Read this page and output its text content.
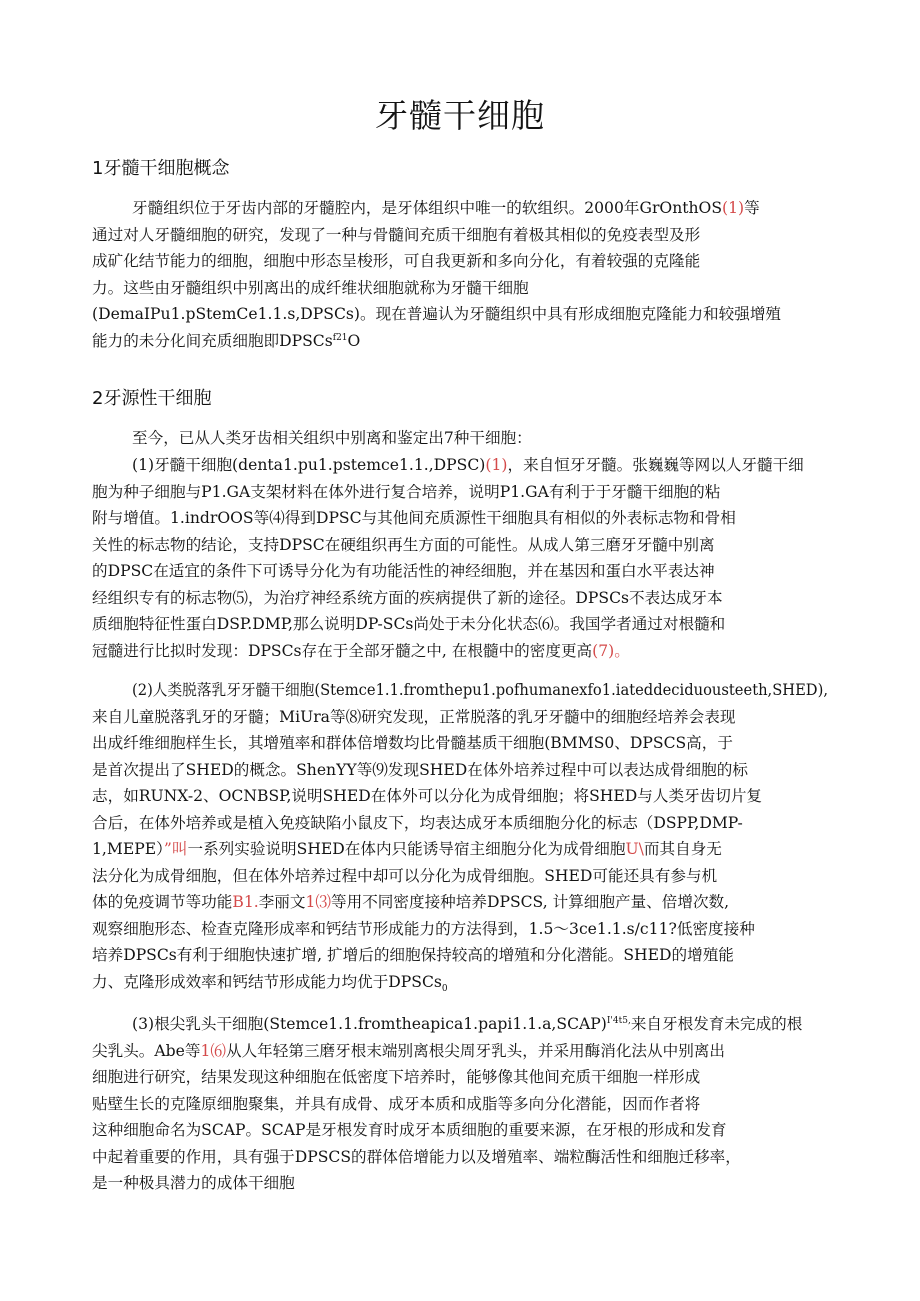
牙髓干细胞
1牙髓干细胞概念
牙髓组织位于牙齿内部的牙髓腔内，是牙体组织中唯一的软组织。2000年GrOnthOS(1)等
通过对人牙髓细胞的研究，发现了一种与骨髓间充质干细胞有着极其相似的免疫表型及形
成矿化结节能力的细胞，细胞中形态呈梭形，可自我更新和多向分化，有着较强的克隆能
力。这些由牙髓组织中别离出的成纤维状细胞就称为牙髓干细胞
(DemaIPu1.pStemCe1.1.s,DPSCs)。现在普遍认为牙髓组织中具有形成细胞克隆能力和较强增殖
能力的未分化间充质细胞即DPSCs$^{f21}$O
2牙源性干细胞
至今，已从人类牙齿相关组织中别离和鉴定出7种干细胞：
(1)牙髓干细胞(denta1.pu1.pstemce1.1.,DPSC)(1)，来自恒牙牙髓。张巍巍等网以人牙髓干细
胞为种子细胞与P1.GA支架材料在体外进行复合培养，说明P1.GA有利于于牙髓干细胞的粘
附与增值。1.indrOOS等⑷得到DPSC与其他间充质源性干细胞具有相似的外表标志物和骨相
关性的标志物的结论，支持DPSC在硬组织再生方面的可能性。从成人第三磨牙牙髓中别离
的DPSC在适宜的条件下可诱导分化为有功能活性的神经细胞，并在基因和蛋白水平表达神
经组织专有的标志物⑸，为治疗神经系统方面的疾病提供了新的途径。DPSCs不表达成牙本
质细胞特征性蛋白DSP.DMP,那么说明DP-SCs尚处于未分化状态⑹。我国学者通过对根髓和
冠髓进行比拟时发现：DPSCs存在于全部牙髓之中, 在根髓中的密度更高(7)。
(2)人类脱落乳牙牙髓干细胞(Stemce1.1.fromthepu1.pofhumanexfo1.iateddeciduousteeth,SHED),
来自儿童脱落乳牙的牙髓；MiUra等⑻研究发现，正常脱落的乳牙牙髓中的细胞经培养会表现
出成纤维细胞样生长，其增殖率和群体倍增数均比骨髓基质干细胞(BMMS0、DPSCS高，于
是首次提出了SHED的概念。ShenYY等⑼发现SHED在体外培养过程中可以表达成骨细胞的标
志，如RUNX-2、OCNBSP,说明SHED在体外可以分化为成骨细胞；将SHED与人类牙齿切片复
合后，在体外培养或是植入免疫缺陷小鼠皮下，均表达成牙本质细胞分化的标志（DSPP,DMP-
1,MEPE）”叫一系列实验说明SHED在体内只能诱导宿主细胞分化为成骨细胞U\而其自身无
法分化为成骨细胞，但在体外培养过程中却可以分化为成骨细胞。SHED可能还具有参与机
体的免疫调节等功能B1.李丽文1⑶等用不同密度接种培养DPSCS, 计算细胞产量、倍增次数,
观察细胞形态、检查克隆形成率和钙结节形成能力的方法得到，1.5～3ce1.1.s∕c11?低密度接种
培养DPSCs有利于细胞快速扩增, 扩增后的细胞保持较高的增殖和分化潜能。SHED的增殖能
力、克隆形成效率和钙结节形成能力均优于DPSCs$_0$
(3)根尖乳头干细胞(Stemce1.1.fromtheapica1.papi1.1.a,SCAP)$^{I'4t5,}$来自牙根发育未完成的根
尖乳头。Abe等1⑹从人年轻第三磨牙根末端别离根尖周牙乳头，并采用酶消化法从中别离出
细胞进行研究，结果发现这种细胞在低密度下培养时，能够像其他间充质干细胞一样形成
贴壁生长的克隆原细胞聚集，并具有成骨、成牙本质和成脂等多向分化潜能，因而作者将
这种细胞命名为SCAP。SCAP是牙根发育时成牙本质细胞的重要来源，在牙根的形成和发育
中起着重要的作用，具有强于DPSCS的群体倍增能力以及增殖率、端粒酶活性和细胞迁移率，
是一种极具潜力的成体干细胞
